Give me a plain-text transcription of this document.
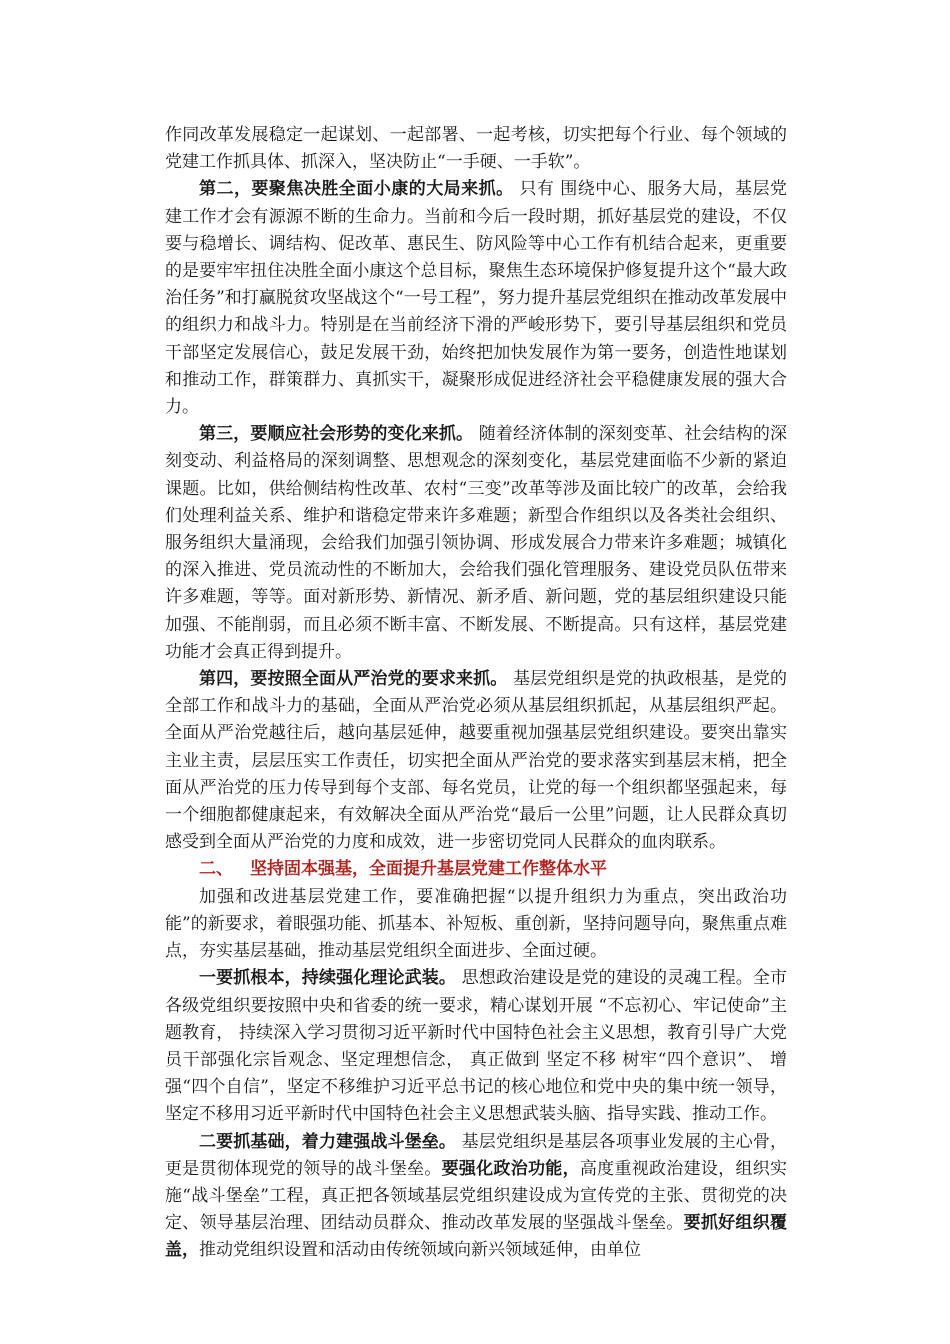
作同改革发展稳定一起谋划、一起部署、一起考核，切实把每个行业、每个领域的党建工作抓具体、抓深入，坚决防止“一手硬、一手软”。

第二，要聚焦决胜全面小康的大局来抓。 只有 围绕中心、服务大局，基层党建工作才会有源源不断的生命力。当前和今后一段时期，抓好基层党的建设，不仅要与稳增长、调结构、促改革、惠民生、防风险等中心工作有机结合起来，更重要的是要牢牢扭住决胜全面小康这个总目标，聚焦生态环境保护修复提升这个“最大政治任务”和打赢脱贫攻坚战这个“一号工程”，努力提升基层党组织在推动改革发展中的组织力和战斗力。特别是在当前经济下滑的严峻形势下，要引导基层组织和党员干部坚定发展信心，鼓足发展干劲，始终把加快发展作为第一要务，创造性地谋划和推动工作，群策群力、真抓实干，凝聚形成促进经济社会平稳健康发展的强大合力。

第三，要顺应社会形势的变化来抓。 随着经济体制的深刻变革、社会结构的深刻变动、利益格局的深刻调整、思想观念的深刻变化，基层党建面临不少新的紧迫课题。比如，供给侧结构性改革、农村“三变”改革等涉及面比较广的改革，会给我们处理利益关系、维护和谐稳定带来许多难题；新型合作组织以及各类社会组织、服务组织大量涌现，会给我们加强引领协调、形成发展合力带来许多难题；城镇化的深入推进、党员流动性的不断加大，会给我们强化管理服务、建设党员队伍带来许多难题，等等。面对新形势、新情况、新矛盾、新问题，党的基层组织建设只能加强、不能削弱，而且必须不断丰富、不断发展、不断提高。只有这样，基层党建功能才会真正得到提升。

第四，要按照全面从严治党的要求来抓。 基层党组织是党的执政根基，是党的全部工作和战斗力的基础，全面从严治党必须从基层组织抓起，从基层组织严起。全面从严治党越往后，越向基层延伸，越要重视加强基层党组织建设。要突出靠实主业主责，层层压实工作责任，切实把全面从严治党的要求落实到基层末梢，把全面从严治党的压力传导到每个支部、每名党员，让党的每一个组织都坚强起来，每一个细胞都健康起来，有效解决全面从严治党“最后一公里”问题，让人民群众真切感受到全面从严治党的力度和成效，进一步密切党同人民群众的血肉联系。

二、 坚持固本强基，全面提升基层党建工作整体水平

加强和改进基层党建工作，要准确把握“以提升组织力为重点，突出政治功能”的新要求，着眼强功能、抓基本、补短板、重创新，坚持问题导向，聚焦重点难点，夯实基层基础，推动基层党组织全面进步、全面过硬。

一要抓根本，持续强化理论武装。 思想政治建设是党的建设的灵魂工程。全市各级党组织要按照中央和省委的统一要求，精心谋划开展 “不忘初心、牢记使命”主题教育， 持续深入学习贯彻习近平新时代中国特色社会主义思想，教育引导广大党员干部强化宗旨观念、坚定理想信念， 真正做到 坚定不移 树牢“四个意识”、 增强“四个自信”，坚定不移维护习近平总书记的核心地位和党中央的集中统一领导，坚定不移用习近平新时代中国特色社会主义思想武装头脑、指导实践、推动工作。

二要抓基础，着力建强战斗堡垒。 基层党组织是基层各项事业发展的主心骨，更是贯彻体现党的领导的战斗堡垒。要强化政治功能，高度重视政治建设，组织实施“战斗堡垒”工程，真正把各领域基层党组织建设成为宣传党的主张、贯彻党的决定、领导基层治理、团结动员群众、推动改革发展的坚强战斗堡垒。要抓好组织覆盖，推动党组织设置和活动由传统领域向新兴领域延伸，由单位
